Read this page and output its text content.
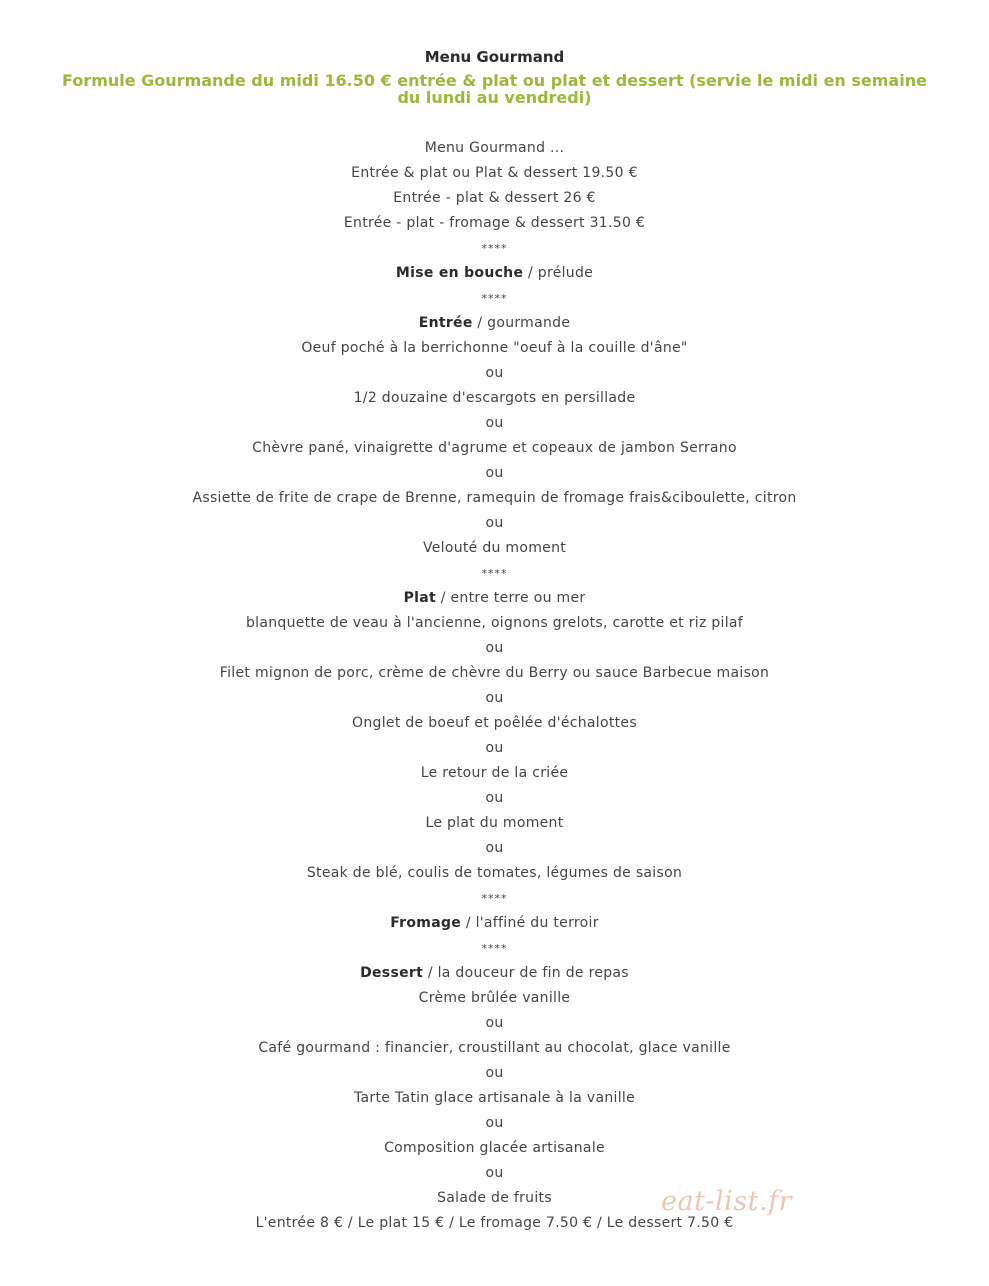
Menu Gourmand
Formule Gourmande du midi 16.50 € entrée & plat ou plat et dessert (servie le midi en semaine du lundi au vendredi)
Menu Gourmand ...
Entrée & plat ou Plat & dessert 19.50 €
Entrée - plat & dessert 26 €
Entrée - plat - fromage & dessert 31.50 €
****
Mise en bouche / prélude
****
Entrée / gourmande
Oeuf poché à la berrichonne "oeuf à la couille d'âne"
ou
1/2 douzaine d'escargots en persillade
ou
Chèvre pané, vinaigrette d'agrume et copeaux de jambon Serrano
ou
Assiette de frite de crape de Brenne, ramequin de fromage frais&ciboulette, citron
ou
Velouté du moment
****
Plat / entre terre ou mer
blanquette de veau à l'ancienne, oignons grelots, carotte et riz pilaf
ou
Filet mignon de porc, crème de chèvre du Berry ou sauce Barbecue maison
ou
Onglet de boeuf et poêlée d'échalottes
ou
Le retour de la criée
ou
Le plat du moment
ou
Steak de blé, coulis de tomates, légumes de saison
****
Fromage / l'affiné du terroir
****
Dessert / la douceur de fin de repas
Crème brûlée vanille
ou
Café gourmand : financier, croustillant au chocolat, glace vanille
ou
Tarte Tatin glace artisanale à la vanille
ou
Composition glacée artisanale
ou
Salade de fruits
L'entrée 8 € / Le plat 15 € / Le fromage 7.50 € / Le dessert 7.50 €
eat-list.fr
